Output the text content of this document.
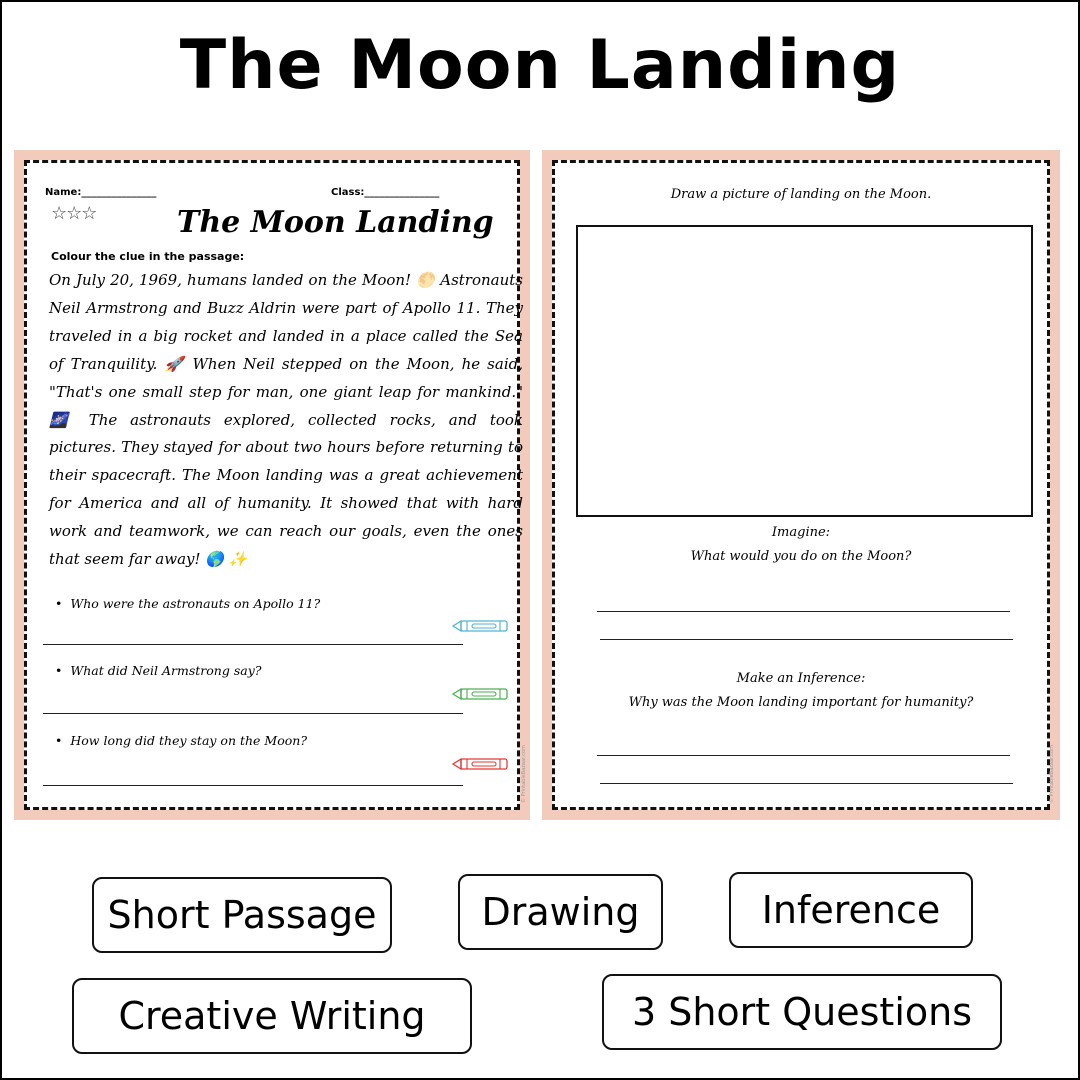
The Moon Landing
Name:_______________	Class:_______________
☆☆☆	The Moon Landing
Colour the clue in the passage:
On July 20, 1969, humans landed on the Moon! 🌕 Astronauts Neil Armstrong and Buzz Aldrin were part of Apollo 11. They traveled in a big rocket and landed in a place called the Sea of Tranquility. 🚀 When Neil stepped on the Moon, he said, "That's one small step for man, one giant leap for mankind." 🌌 The astronauts explored, collected rocks, and took pictures. They stayed for about two hours before returning to their spacecraft. The Moon landing was a great achievement for America and all of humanity. It showed that with hard work and teamwork, we can reach our goals, even the ones that seem far away! 🌎 ✨
• Who were the astronauts on Apollo 11?
• What did Neil Armstrong say?
• How long did they stay on the Moon?
© PrintableBazaar.com
Draw a picture of landing on the Moon.
Imagine:
What would you do on the Moon?
Make an Inference:
Why was the Moon landing important for humanity?
© PrintableBazaar.com
Short Passage	Drawing	Inference
Creative Writing	3 Short Questions
